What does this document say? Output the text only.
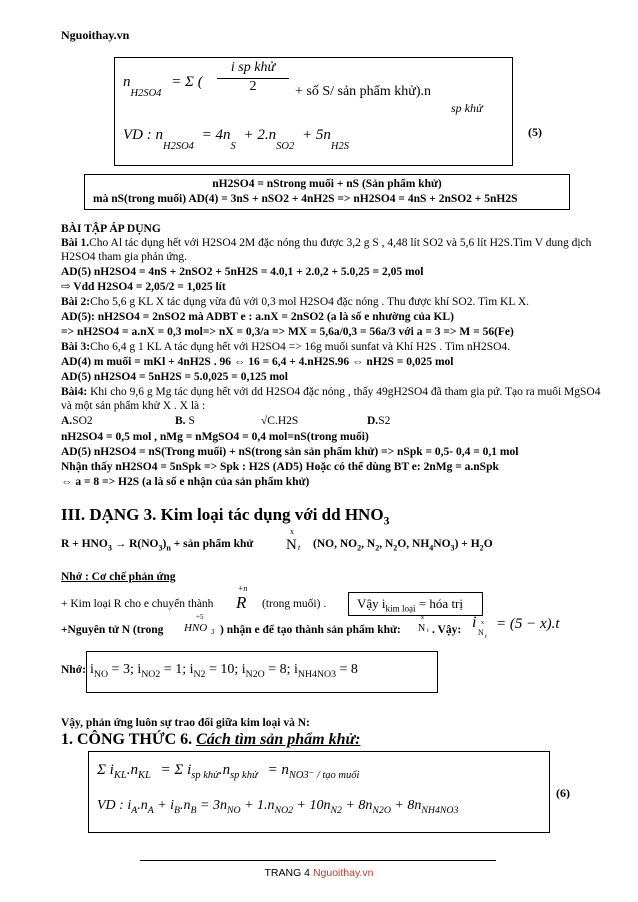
Nguoithay.vn
$n_{H2SO4} = \Sigma$ (
i sp khử
2	+ số S/ sản phẩm khử).n
sp khử
VD : $n_{H2SO4} = 4n_S + 2.n_{SO2} + 5n_{H2S}$
(5)
nH2SO4 = nStrong muối + nS (Sản phẩm khử)
mà nS(trong muối) AD(4) = 3nS + nSO2 + 4nH2S => nH2SO4 = 4nS + 2nSO2 + 5nH2S
BÀI TẬP ÁP DỤNG
Bài 1.Cho Al tác dụng hết với H2SO4 2M đặc nóng thu được 3,2 g S , 4,48 lít SO2 và 5,6 lít H2S.Tìm V dung dịch H2SO4 tham gia phản ứng.
AD(5) nH2SO4 = 4nS + 2nSO2 + 5nH2S = 4.0,1 + 2.0,2 + 5.0,25 = 2,05 mol
⇨ Vdd H2SO4 = 2,05/2 = 1,025 lít
Bài 2:Cho 5,6 g KL X tác dụng vừa đủ với 0,3 mol H2SO4 đặc nóng . Thu được khí SO2. Tìm KL X.
AD(5): nH2SO4 = 2nSO2 mà ADBT e : a.nX = 2nSO2 (a là số e nhường của KL)
=> nH2SO4 = a.nX = 0,3 mol=> nX = 0,3/a => MX = 5,6a/0,3 = 56a/3 với a = 3 => M = 56(Fe)
Bài 3:Cho 6,4 g 1 KL A tác dụng hết với H2SO4 => 16g muối sunfat và Khí H2S . Tìm nH2SO4.
AD(4) m muối = mKl + 4nH2S . 96 ⇔ 16 = 6,4 + 4.nH2S.96 ⇔ nH2S = 0,025 mol
AD(5) nH2SO4 = 5nH2S = 5.0,025 = 0,125 mol
Bài4: Khi cho 9,6 g Mg tác dụng hết với dd H2SO4 đặc nóng , thấy 49gH2SO4 đã tham gia pứ. Tạo ra muối MgSO4 và một sản phẩm khử X . X là :
A.SO2	B. S	√C.H2S	D.S2
nH2SO4 = 0,5 mol , nMg = nMgSO4 = 0,4 mol=nS(trong muối)
AD(5) nH2SO4 = nS(Trong muối) + nS(trong sản sản phẩm khử) => nSpk = 0,5- 0,4 = 0,1 mol
Nhận thấy nH2SO4 = 5nSpk => Spk : H2S (AD5) Hoặc có thể dùng BT e: 2nMg = a.nSpk
⇔ a = 8 => H2S (a là số e nhận của sản phẩm khử)
III. DẠNG 3. Kim loại tác dụng với dd $HNO_3$
$R + HNO_3 \to R(NO_3)_n$ + sản phẩm khử
x
N t (NO, $NO_2$, $N_2$, $N_2O$, $NH_4NO_3) + H_2O$
Nhớ : Cơ chế phản ứng
+ Kim loại R cho e chuyển thành
+n
R (trong muối) . Vậy $i_{kim loại}$ = hóa trị
+Nguyên tử N (trong
+5
HNO 3 ) nhận e để tạo thành sản phẩm khử:
x
N t . Vậy: i x
N t
= (5 − x).t
Nhớ: $i_{NO} = 3$; $i_{NO2} = 1$; $i_{N2} = 10$; $i_{N2O} = 8$; $i_{NH4NO3} = 8$
Vậy, phản ứng luôn sự trao đổi giữa kim loại và N:
1. CÔNG THỨC 6. Cách tìm sản phẩm khử:
Σ $i_{KL}.n_{KL} = \Sigma$ $i_{sp khử}.n_{sp khử} = n_{NO3^- / tạo muối}$
VD : $i_A.n_A + i_B.n_B = 3n_{NO} + 1.n_{NO2} + 10n_{N2} + 8n_{N2O} + 8n_{NH4NO3}$
(6)
TRANG 4 Nguoithay.vn
